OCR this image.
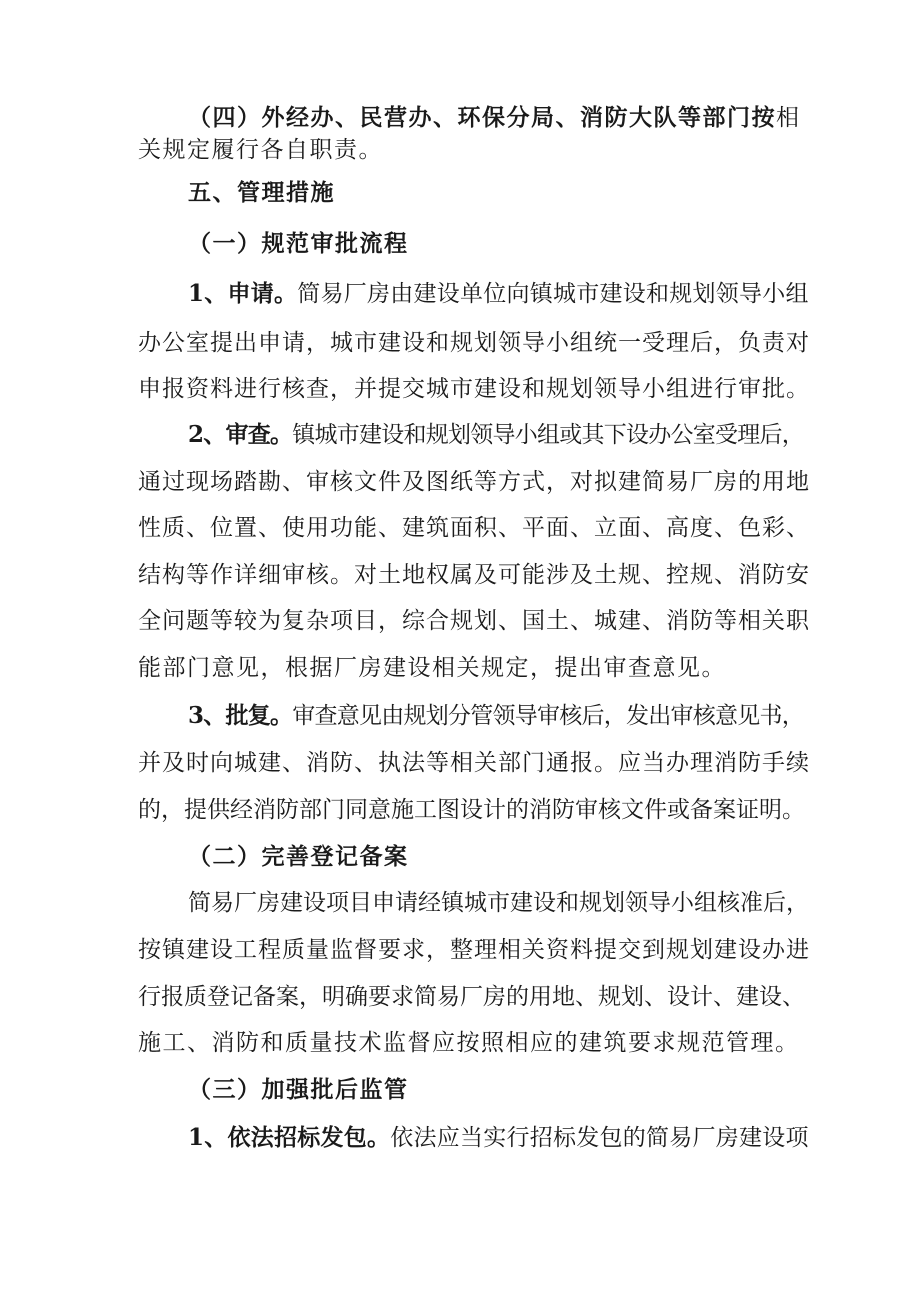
（四）外经办、民营办、环保分局、消防大队等部门按相
关规定履行各自职责。
五、管理措施
（一）规范审批流程
1、申请。简易厂房由建设单位向镇城市建设和规划领导小组
办公室提出申请，城市建设和规划领导小组统一受理后，负责对
申报资料进行核查，并提交城市建设和规划领导小组进行审批。
2、审查。镇城市建设和规划领导小组或其下设办公室受理后，
通过现场踏勘、审核文件及图纸等方式，对拟建简易厂房的用地
性质、位置、使用功能、建筑面积、平面、立面、高度、色彩、
结构等作详细审核。对土地权属及可能涉及土规、控规、消防安
全问题等较为复杂项目，综合规划、国土、城建、消防等相关职
能部门意见，根据厂房建设相关规定，提出审查意见。
3、批复。审查意见由规划分管领导审核后，发出审核意见书，
并及时向城建、消防、执法等相关部门通报。应当办理消防手续
的，提供经消防部门同意施工图设计的消防审核文件或备案证明。
（二）完善登记备案
简易厂房建设项目申请经镇城市建设和规划领导小组核准后，
按镇建设工程质量监督要求，整理相关资料提交到规划建设办进
行报质登记备案，明确要求简易厂房的用地、规划、设计、建设、
施工、消防和质量技术监督应按照相应的建筑要求规范管理。
（三）加强批后监管
1、依法招标发包。依法应当实行招标发包的简易厂房建设项
